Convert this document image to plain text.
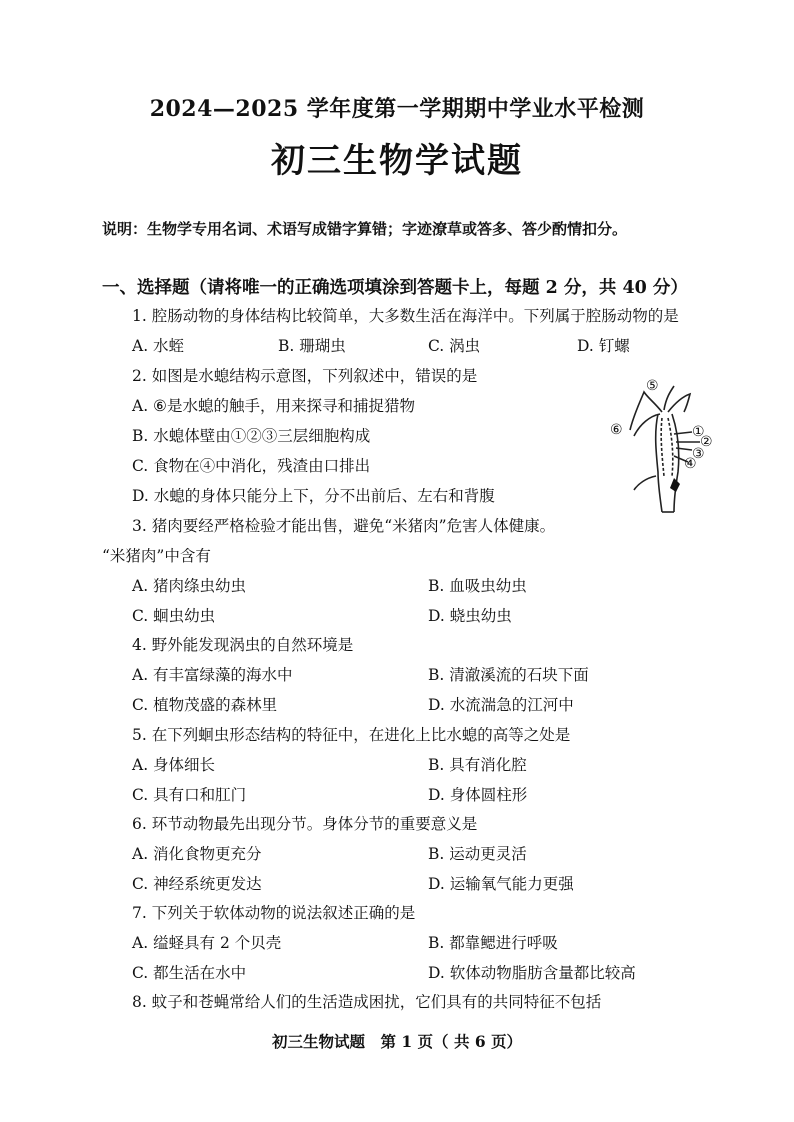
2024—2025 学年度第一学期期中学业水平检测
初三生物学试题
说明：生物学专用名词、术语写成错字算错；字迹潦草或答多、答少酌情扣分。
一、选择题（请将唯一的正确选项填涂到答题卡上，每题 2 分，共 40 分）
1. 腔肠动物的身体结构比较简单，大多数生活在海洋中。下列属于腔肠动物的是
A. 水蛭	B. 珊瑚虫	C. 涡虫	D. 钉螺
2. 如图是水螅结构示意图，下列叙述中，错误的是
A. ⑥是水螅的触手，用来探寻和捕捉猎物
B. 水螅体壁由①②③三层细胞构成
C. 食物在④中消化，残渣由口排出
D. 水螅的身体只能分上下，分不出前后、左右和背腹
⑤
⑥	①
②
③
④
3. 猪肉要经严格检验才能出售，避免“米猪肉”危害人体健康。
“米猪肉”中含有
A. 猪肉绦虫幼虫	B. 血吸虫幼虫
C. 蛔虫幼虫	D. 蛲虫幼虫
4. 野外能发现涡虫的自然环境是
A. 有丰富绿藻的海水中	B. 清澈溪流的石块下面
C. 植物茂盛的森林里	D. 水流湍急的江河中
5. 在下列蛔虫形态结构的特征中，在进化上比水螅的高等之处是
A. 身体细长	B. 具有消化腔
C. 具有口和肛门	D. 身体圆柱形
6. 环节动物最先出现分节。身体分节的重要意义是
A. 消化食物更充分	B. 运动更灵活
C. 神经系统更发达	D. 运输氧气能力更强
7. 下列关于软体动物的说法叙述正确的是
A. 缢蛏具有 2 个贝壳	B. 都靠鳃进行呼吸
C. 都生活在水中	D. 软体动物脂肪含量都比较高
8. 蚊子和苍蝇常给人们的生活造成困扰，它们具有的共同特征不包括
初三生物试题　第 1 页（ 共 6 页）
